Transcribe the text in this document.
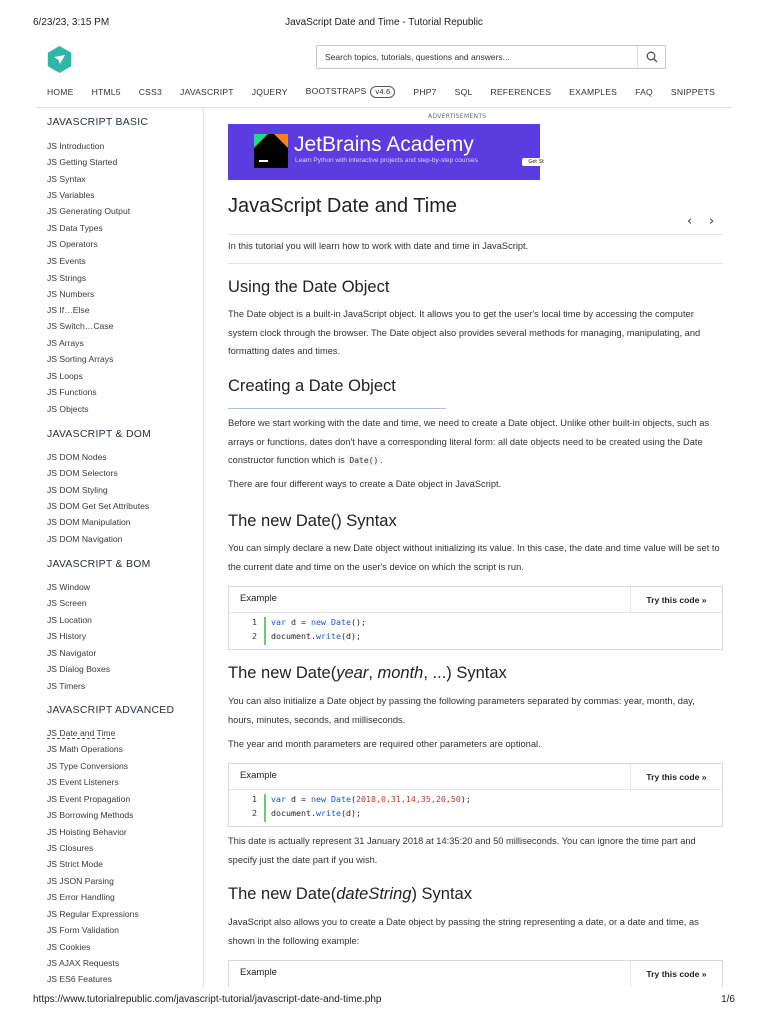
6/23/23, 3:15 PM	JavaScript Date and Time - Tutorial Republic
Search topics, tutorials, questions and answers...
HOME HTML5 CSS3 JAVASCRIPT JQUERY BOOTSTRAPS v4.6	PHP7 SQL REFERENCES EXAMPLES FAQ SNIPPETS
JAVASCRIPT BASIC
JS Introduction
JS Getting Started
JS Syntax
JS Variables
JS Generating Output
JS Data Types
JS Operators
JS Events
JS Strings
JS Numbers
JS If…Else
JS Switch…Case
JS Arrays
JS Sorting Arrays
JS Loops
JS Functions
JS Objects
JAVASCRIPT & DOM
JS DOM Nodes
JS DOM Selectors
JS DOM Styling
JS DOM Get Set Attributes
JS DOM Manipulation
JS DOM Navigation
JAVASCRIPT & BOM
JS Window
JS Screen
JS Location
JS History
JS Navigator
JS Dialog Boxes
JS Timers
JAVASCRIPT ADVANCED
JS Date and Time
JS Math Operations
JS Type Conversions
JS Event Listeners
JS Event Propagation
JS Borrowing Methods
JS Hoisting Behavior
JS Closures
JS Strict Mode
JS JSON Parsing
JS Error Handling
JS Regular Expressions
JS Form Validation
JS Cookies
JS AJAX Requests
JS ES6 Features
ADVERTISEMENTS
JetBrains Academy
Learn Python with interactive projects and step-by-step courses	Get St
JavaScript Date and Time
‹ ›
In this tutorial you will learn how to work with date and time in JavaScript.
Using the Date Object
The Date object is a built-in JavaScript object. It allows you to get the user's local time by accessing the computer system clock through the browser. The Date object also provides several methods for managing, manipulating, and formatting dates and times.
Creating a Date Object
Before we start working with the date and time, we need to create a Date object. Unlike other built-in objects, such as arrays or functions, dates don't have a corresponding literal form: all date objects need to be created using the Date constructor function which is Date() .
There are four different ways to create a Date object in JavaScript.
The new Date() Syntax
You can simply declare a new Date object without initializing its value. In this case, the date and time value will be set to the current date and time on the user's device on which the script is run.
Example	Try this code »
1 var d = new Date();
2 document.write(d);
The new Date(year, month, ...) Syntax
You can also initialize a Date object by passing the following parameters separated by commas: year, month, day, hours, minutes, seconds, and milliseconds.
The year and month parameters are required other parameters are optional.
Example	Try this code »
1 var d = new Date(2018,0,31,14,35,20,50);
2 document.write(d);
This date is actually represent 31 January 2018 at 14:35:20 and 50 milliseconds. You can ignore the time part and specify just the date part if you wish.
The new Date(dateString) Syntax
JavaScript also allows you to create a Date object by passing the string representing a date, or a date and time, as shown in the following example:
Example	Try this code »
https://www.tutorialrepublic.com/javascript-tutorial/javascript-date-and-time.php	1/6
